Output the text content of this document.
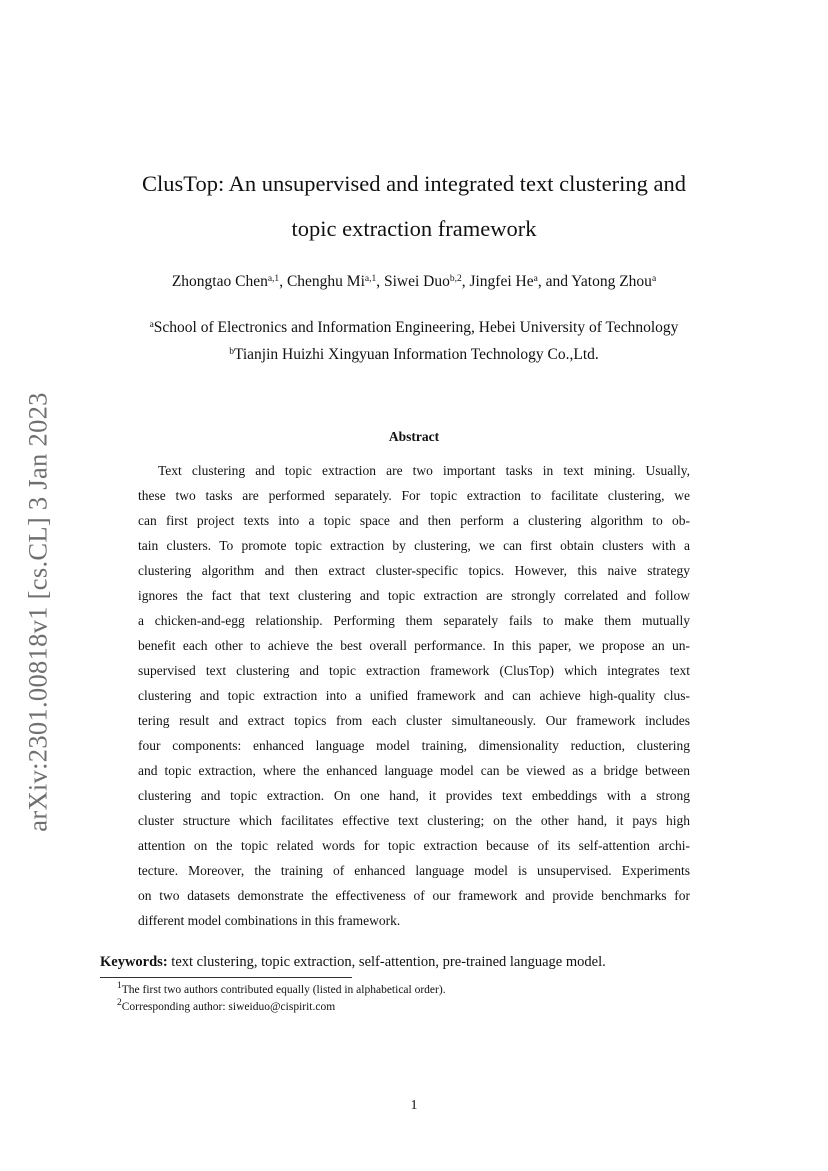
arXiv:2301.00818v1 [cs.CL] 3 Jan 2023
ClusTop: An unsupervised and integrated text clustering and
topic extraction framework
Zhongtao Chen$^{a,1}$, Chenghu Mi$^{a,1}$, Siwei Duo$^{b,2}$, Jingfei He$^a$, and Yatong Zhou$^a$
$^a$School of Electronics and Information Engineering, Hebei University of Technology
$^b$Tianjin Huizhi Xingyuan Information Technology Co.,Ltd.
Abstract
Text clustering and topic extraction are two important tasks in text mining. Usually,
these two tasks are performed separately. For topic extraction to facilitate clustering, we
can first project texts into a topic space and then perform a clustering algorithm to ob-
tain clusters. To promote topic extraction by clustering, we can first obtain clusters with a
clustering algorithm and then extract cluster-specific topics. However, this naive strategy
ignores the fact that text clustering and topic extraction are strongly correlated and follow
a chicken-and-egg relationship. Performing them separately fails to make them mutually
benefit each other to achieve the best overall performance. In this paper, we propose an un-
supervised text clustering and topic extraction framework (ClusTop) which integrates text
clustering and topic extraction into a unified framework and can achieve high-quality clus-
tering result and extract topics from each cluster simultaneously. Our framework includes
four components: enhanced language model training, dimensionality reduction, clustering
and topic extraction, where the enhanced language model can be viewed as a bridge between
clustering and topic extraction. On one hand, it provides text embeddings with a strong
cluster structure which facilitates effective text clustering; on the other hand, it pays high
attention on the topic related words for topic extraction because of its self-attention archi-
tecture. Moreover, the training of enhanced language model is unsupervised. Experiments
on two datasets demonstrate the effectiveness of our framework and provide benchmarks for
different model combinations in this framework.
Keywords: text clustering, topic extraction, self-attention, pre-trained language model.
$^1$The first two authors contributed equally (listed in alphabetical order).
$^2$Corresponding author: siweiduo@cispirit.com
1
